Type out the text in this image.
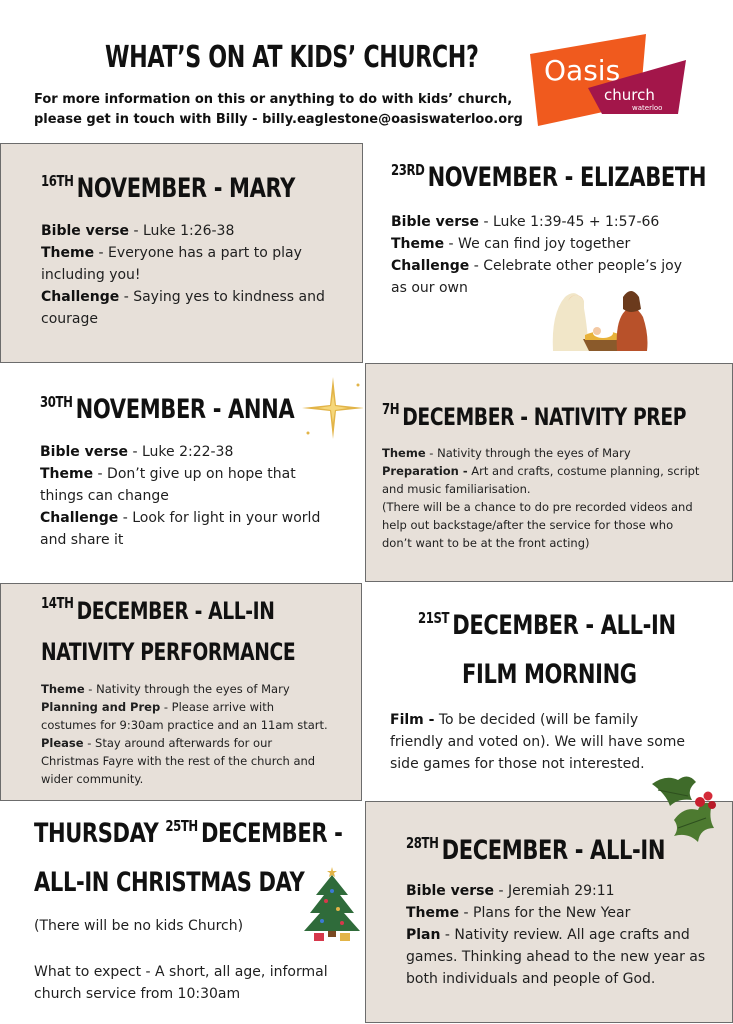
WHAT’S ON AT KIDS’ CHURCH?
For more information on this or anything to do with kids’ church,
please get in touch with Billy - billy.eaglestone@oasiswaterloo.org
Oasis
church
waterloo
$^{16TH}$ NOVEMBER - MARY
Bible verse - Luke 1:26-38
Theme - Everyone has a part to play
including you!
Challenge - Saying yes to kindness and
courage
$^{23RD}$ NOVEMBER - ELIZABETH
Bible verse - Luke 1:39-45 + 1:57-66
Theme - We can find joy together
Challenge - Celebrate other people’s joy
as our own
$^{30TH}$ NOVEMBER - ANNA
Bible verse - Luke 2:22-38
Theme - Don’t give up on hope that
things can change
Challenge - Look for light in your world
and share it
$^{7H}$ DECEMBER - NATIVITY PREP
Theme - Nativity through the eyes of Mary
Preparation - Art and crafts, costume planning, script
and music familiarisation.
(There will be a chance to do pre recorded videos and
help out backstage/after the service for those who
don’t want to be at the front acting)
$^{14TH}$ DECEMBER - ALL-IN
NATIVITY PERFORMANCE
Theme - Nativity through the eyes of Mary
Planning and Prep - Please arrive with
costumes for 9:30am practice and an 11am start.
Please - Stay around afterwards for our
Christmas Fayre with the rest of the church and
wider community.
$^{21ST}$ DECEMBER - ALL-IN
FILM MORNING
Film - To be decided (will be family
friendly and voted on). We will have some
side games for those not interested.
THURSDAY $^{25TH}$ DECEMBER -
ALL-IN CHRISTMAS DAY
(There will be no kids Church)
What to expect - A short, all age, informal
church service from 10:30am
$^{28TH}$ DECEMBER - ALL-IN
Bible verse - Jeremiah 29:11
Theme - Plans for the New Year
Plan - Nativity review. All age crafts and
games. Thinking ahead to the new year as
both individuals and people of God.
